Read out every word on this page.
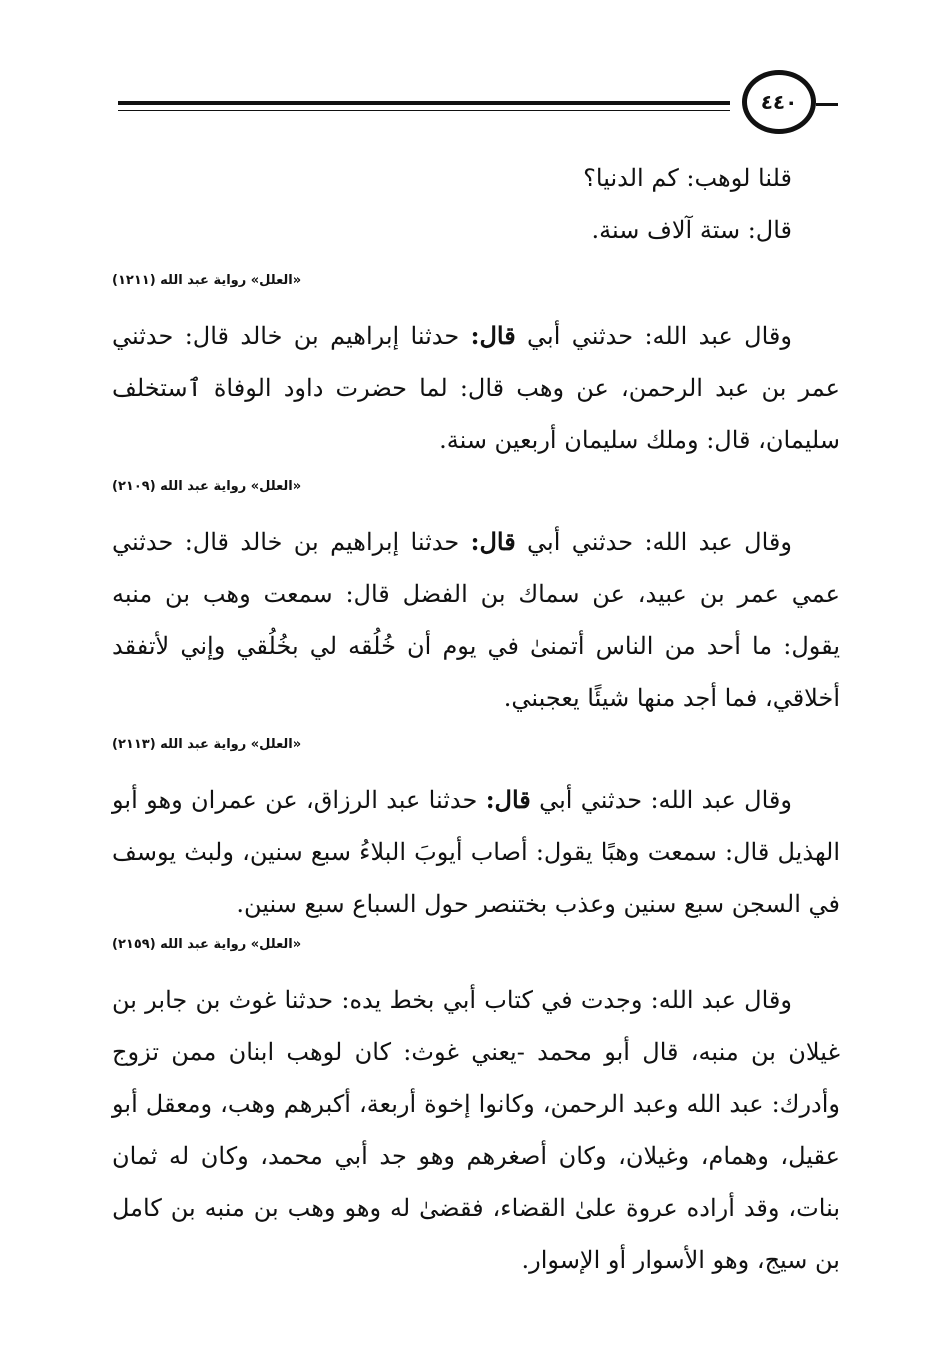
٤٤٠
قلنا لوهب: كم الدنيا؟
قال: ستة آلاف سنة.
«العلل» رواية عبد الله (١٢١١)

وقال عبد الله: حدثني أبي قال: حدثنا إبراهيم بن خالد قال: حدثني عمر بن عبد الرحمن، عن وهب قال: لما حضرت داود الوفاة ٱستخلف سليمان، قال: وملك سليمان أربعين سنة.

«العلل» رواية عبد الله (٢١٠٩)

وقال عبد الله: حدثني أبي قال: حدثنا إبراهيم بن خالد قال: حدثني عمي عمر بن عبيد، عن سماك بن الفضل قال: سمعت وهب بن منبه يقول: ما أحد من الناس أتمنىٰ في يوم أن خُلُقه لي بخُلُقي وإني لأتفقد أخلاقي، فما أجد منها شيئًا يعجبني.

«العلل» رواية عبد الله (٢١١٣)

وقال عبد الله: حدثني أبي قال: حدثنا عبد الرزاق، عن عمران وهو أبو الهذيل قال: سمعت وهبًا يقول: أصاب أيوبَ البلاءُ سبع سنين، ولبث يوسف في السجن سبع سنين وعذب بختنصر حول السباع سبع سنين.

«العلل» رواية عبد الله (٢١٥٩)

وقال عبد الله: وجدت في كتاب أبي بخط يده: حدثنا غوث بن جابر بن غيلان بن منبه، قال أبو محمد -يعني غوث: كان لوهب ابنان ممن تزوج وأدرك: عبد الله وعبد الرحمن، وكانوا إخوة أربعة، أكبرهم وهب، ومعقل أبو عقيل، وهمام، وغيلان، وكان أصغرهم وهو جد أبي محمد، وكان له ثمان بنات، وقد أراده عروة علىٰ القضاء، فقضىٰ له وهو وهب بن منبه بن كامل بن سيج، وهو الأسوار أو الإسوار.
